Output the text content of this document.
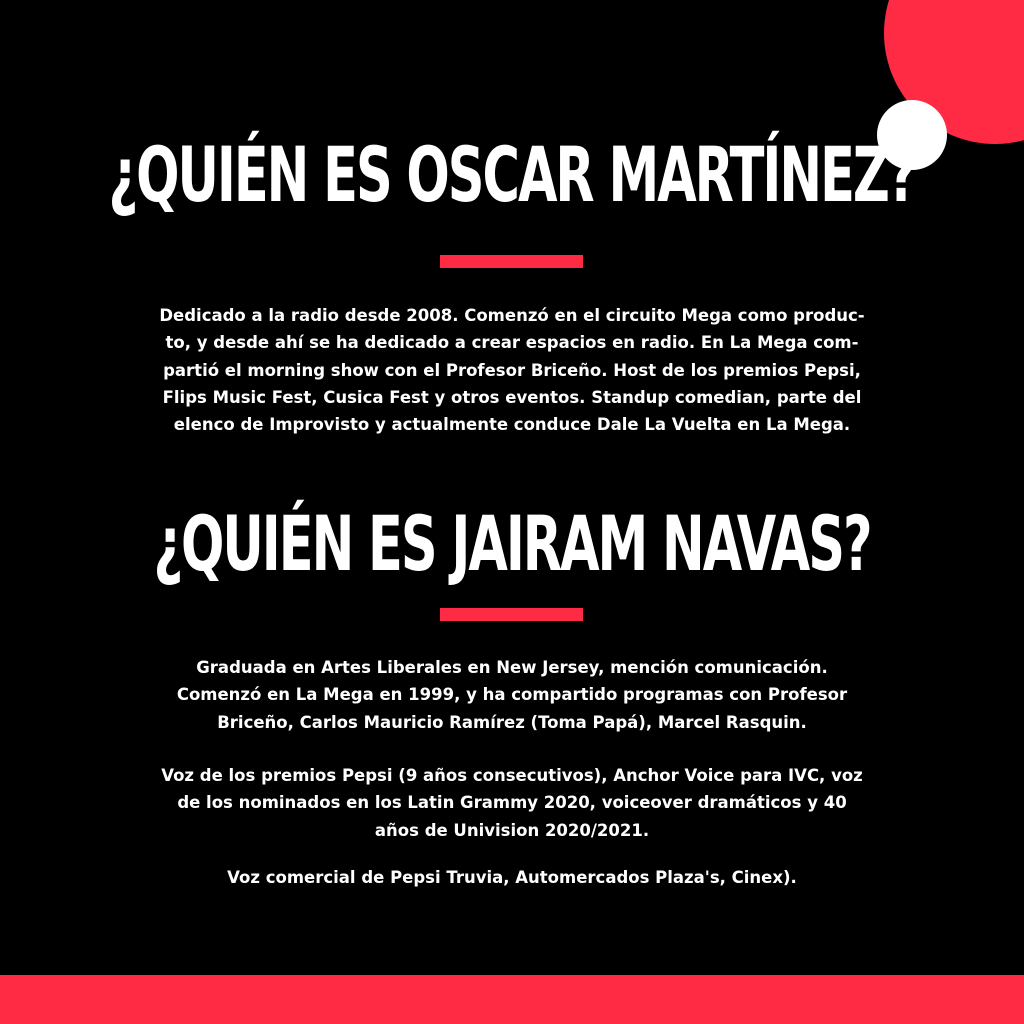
¿QUIÉN ES OSCAR MARTÍNEZ?

Dedicado a la radio desde 2008. Comenzó en el circuito Mega como produc-
to, y desde ahí se ha dedicado a crear espacios en radio. En La Mega com-
partió el morning show con el Profesor Briceño. Host de los premios Pepsi,
Flips Music Fest, Cusica Fest y otros eventos. Standup comedian, parte del
elenco de Improvisto y actualmente conduce Dale La Vuelta en La Mega.

¿QUIÉN ES JAIRAM NAVAS?

Graduada en Artes Liberales en New Jersey, mención comunicación.
Comenzó en La Mega en 1999, y ha compartido programas con Profesor
Briceño, Carlos Mauricio Ramírez (Toma Papá), Marcel Rasquin.

Voz de los premios Pepsi (9 años consecutivos), Anchor Voice para IVC, voz
de los nominados en los Latin Grammy 2020, voiceover dramáticos y 40
años de Univision 2020/2021.

Voz comercial de Pepsi Truvia, Automercados Plaza's, Cinex).
